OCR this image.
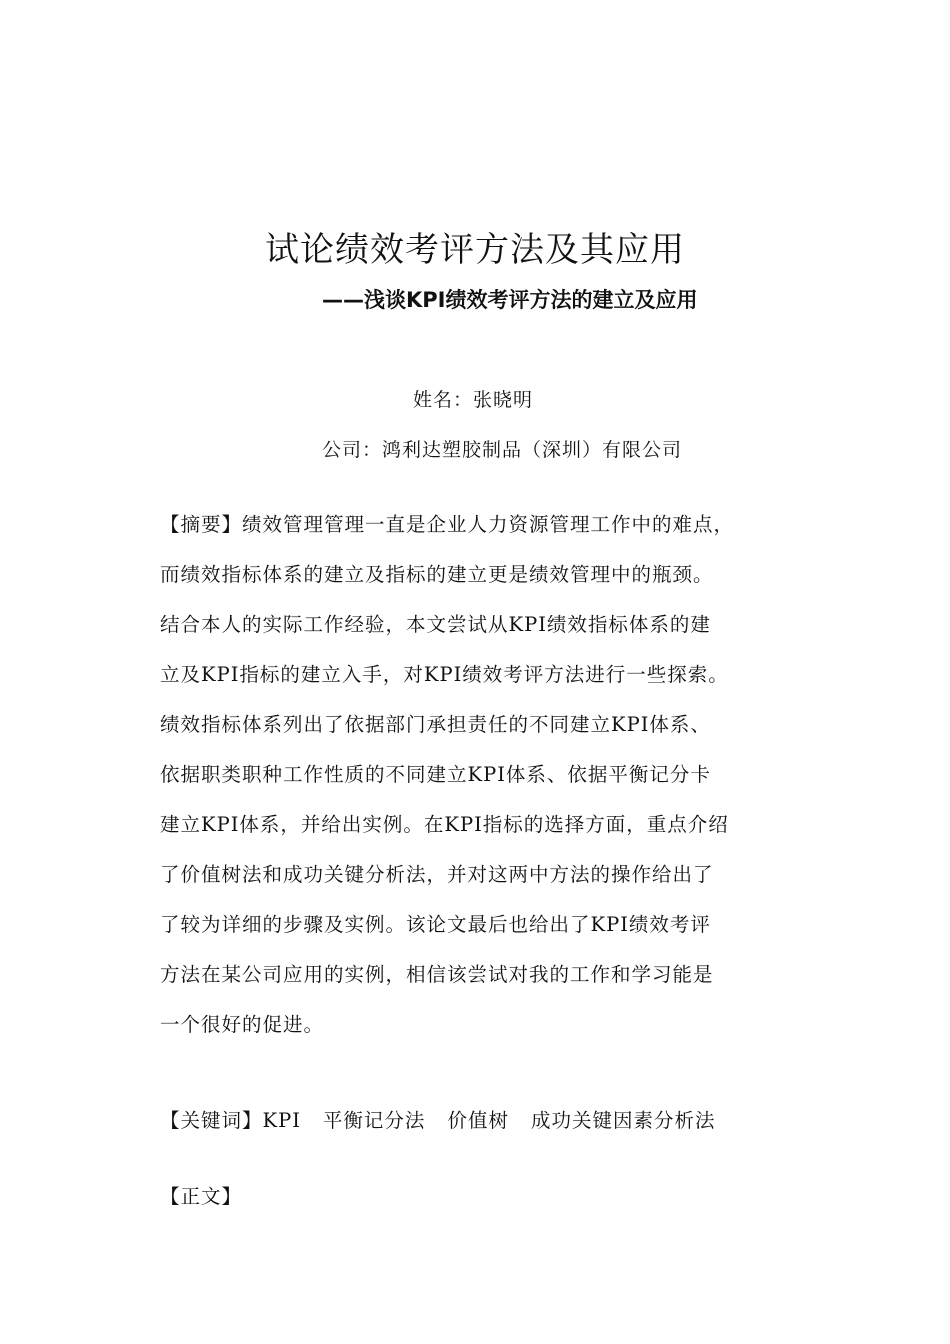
试论绩效考评方法及其应用
——浅谈KPI绩效考评方法的建立及应用
姓名：张晓明
公司：鸿利达塑胶制品（深圳）有限公司
【摘要】绩效管理管理一直是企业人力资源管理工作中的难点，
而绩效指标体系的建立及指标的建立更是绩效管理中的瓶颈。
结合本人的实际工作经验，本文尝试从KPI绩效指标体系的建
立及KPI指标的建立入手，对KPI绩效考评方法进行一些探索。
绩效指标体系列出了依据部门承担责任的不同建立KPI体系、
依据职类职种工作性质的不同建立KPI体系、依据平衡记分卡
建立KPI体系，并给出实例。在KPI指标的选择方面，重点介绍
了价值树法和成功关键分析法，并对这两中方法的操作给出了
了较为详细的步骤及实例。该论文最后也给出了KPI绩效考评
方法在某公司应用的实例，相信该尝试对我的工作和学习能是
一个很好的促进。
【关键词】KPI 平衡记分法 价值树 成功关键因素分析法
【正文】
